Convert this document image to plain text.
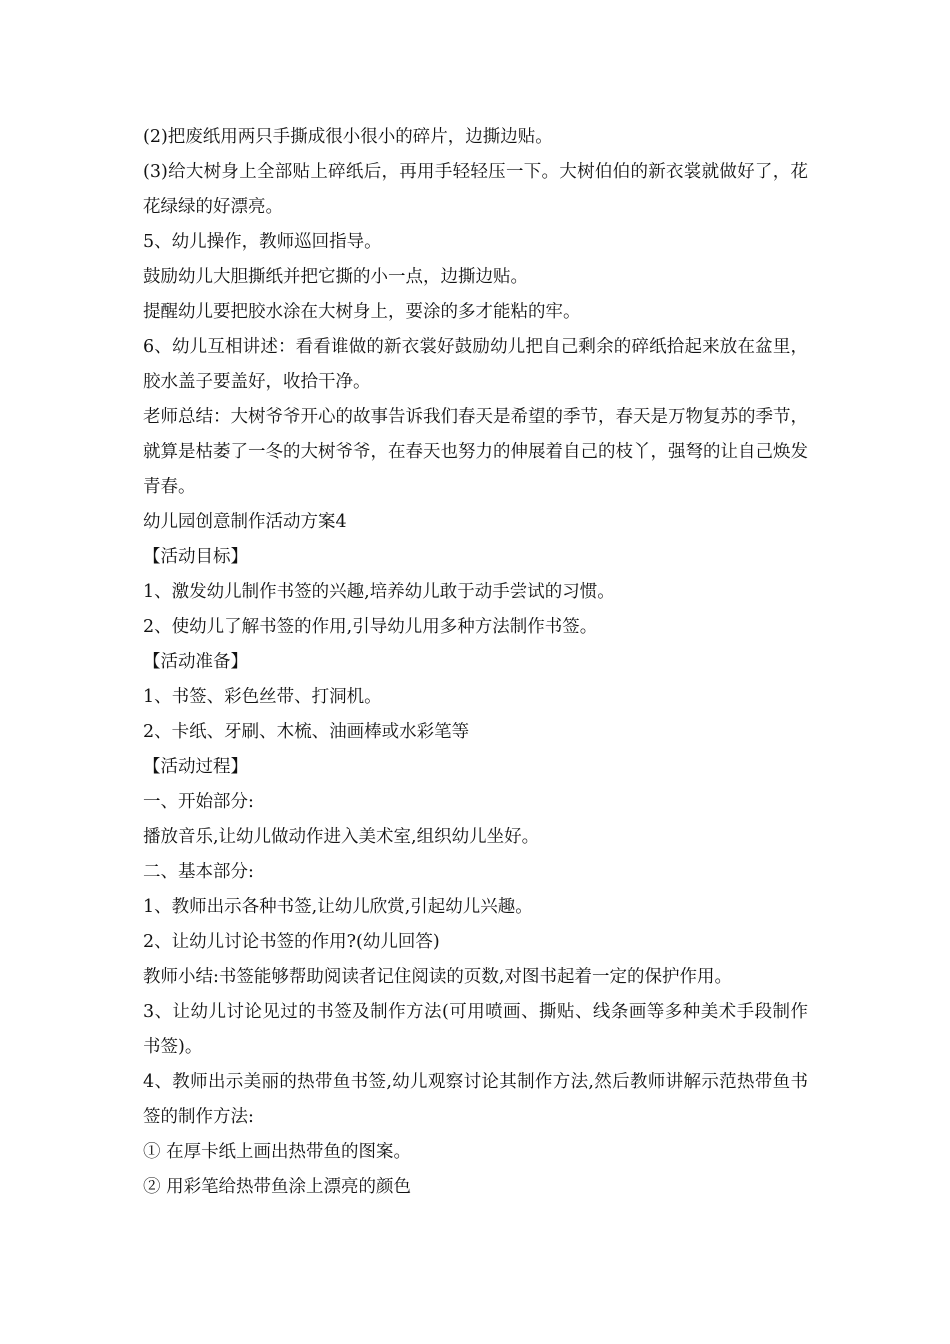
(2)把废纸用两只手撕成很小很小的碎片，边撕边贴。

(3)给大树身上全部贴上碎纸后，再用手轻轻压一下。大树伯伯的新衣裳就做好了，花花绿绿的好漂亮。

5、幼儿操作，教师巡回指导。

鼓励幼儿大胆撕纸并把它撕的小一点，边撕边贴。

提醒幼儿要把胶水涂在大树身上，要涂的多才能粘的牢。

6、幼儿互相讲述：看看谁做的新衣裳好鼓励幼儿把自己剩余的碎纸拾起来放在盆里，胶水盖子要盖好，收拾干净。

老师总结：大树爷爷开心的故事告诉我们春天是希望的季节，春天是万物复苏的季节，就算是枯萎了一冬的大树爷爷，在春天也努力的伸展着自己的枝丫，强弩的让自己焕发青春。

幼儿园创意制作活动方案4

【活动目标】

1、激发幼儿制作书签的兴趣,培养幼儿敢于动手尝试的习惯。

2、使幼儿了解书签的作用,引导幼儿用多种方法制作书签。

【活动准备】

1、书签、彩色丝带、打洞机。

2、卡纸、牙刷、木梳、油画棒或水彩笔等

【活动过程】

一、开始部分:

播放音乐,让幼儿做动作进入美术室,组织幼儿坐好。

二、基本部分:

1、教师出示各种书签,让幼儿欣赏,引起幼儿兴趣。

2、让幼儿讨论书签的作用?(幼儿回答)

教师小结:书签能够帮助阅读者记住阅读的页数,对图书起着一定的保护作用。

3、让幼儿讨论见过的书签及制作方法(可用喷画、撕贴、线条画等多种美术手段制作书签)。

4、教师出示美丽的热带鱼书签,幼儿观察讨论其制作方法,然后教师讲解示范热带鱼书签的制作方法:

① 在厚卡纸上画出热带鱼的图案。

② 用彩笔给热带鱼涂上漂亮的颜色
